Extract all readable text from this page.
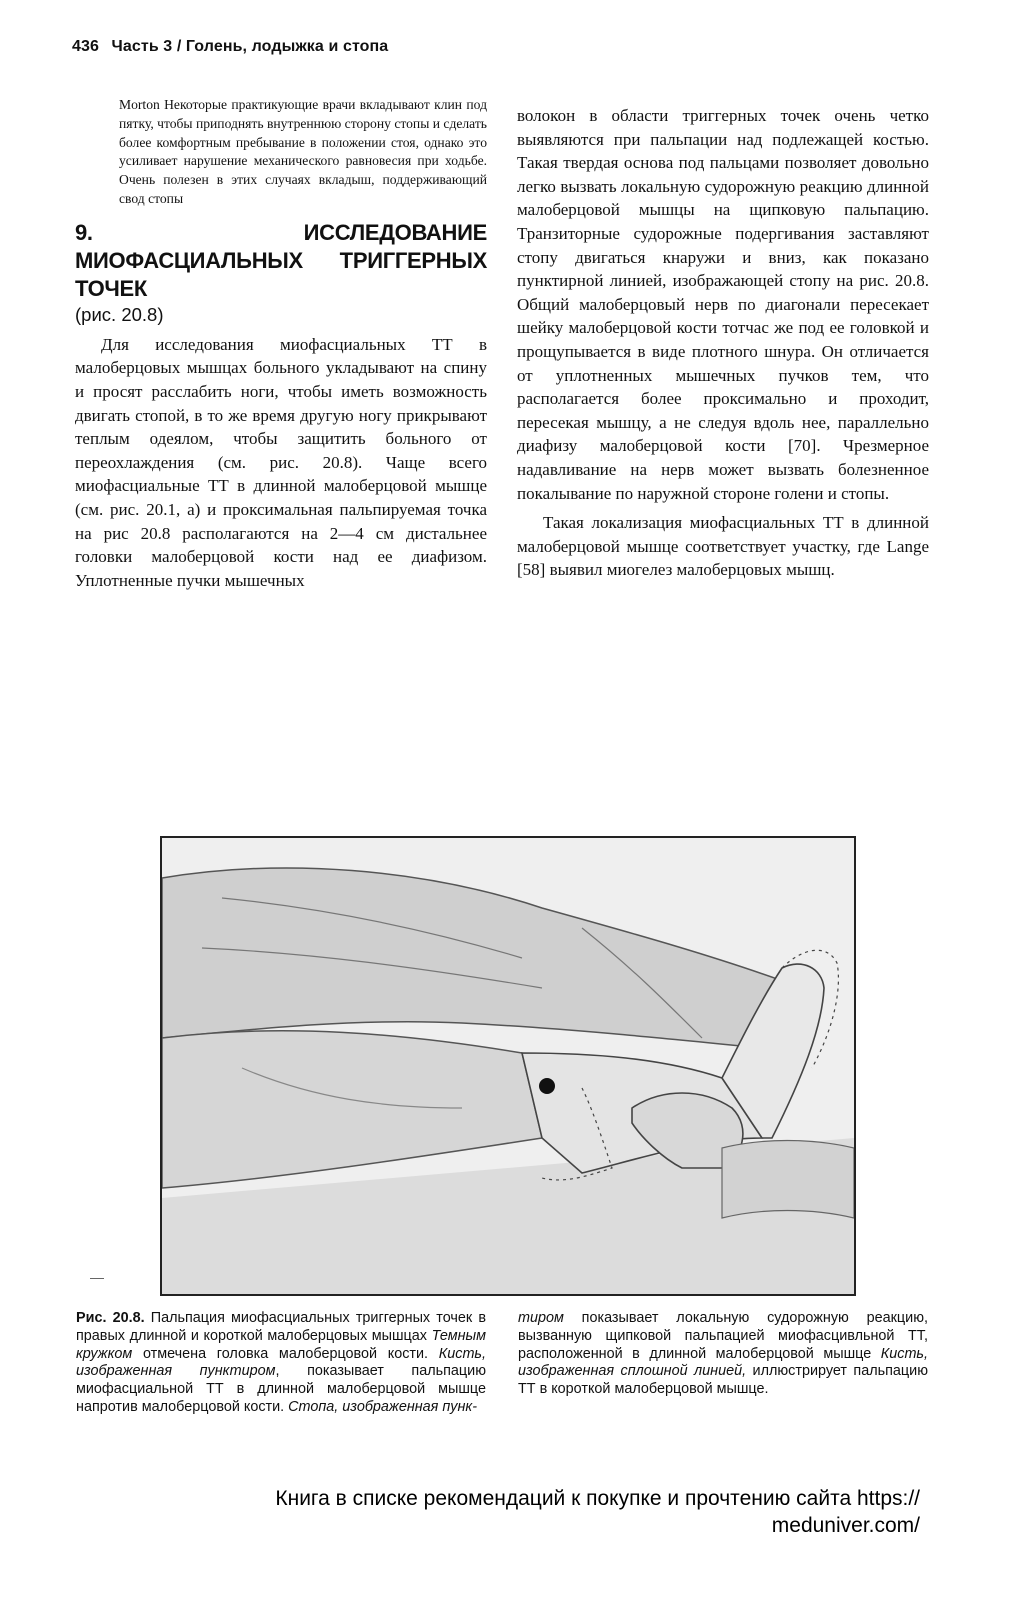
436 Часть 3 / Голень, лодыжка и стопа

Morton Некоторые практикующие врачи вкладывают клин под пятку, чтобы приподнять внутреннюю сторону стопы и сделать более комфортным пребывание в положении стоя, однако это усиливает нарушение механического равновесия при ходьбе. Очень полезен в этих случаях вкладыш, поддерживающий свод стопы

9. ИССЛЕДОВАНИЕ МИОФАСЦИАЛЬНЫХ ТРИГГЕРНЫХ ТОЧЕК
(рис. 20.8)

Для исследования миофасциальных ТТ в малоберцовых мышцах больного укладывают на спину и просят расслабить ноги, чтобы иметь возможность двигать стопой, в то же время другую ногу прикрывают теплым одеялом, чтобы защитить больного от переохлаждения (см. рис. 20.8). Чаще всего миофасциальные ТТ в длинной малоберцовой мышце (см. рис. 20.1, а) и проксимальная пальпируемая точка на рис 20.8 располагаются на 2—4 см дистальнее головки малоберцовой кости над ее диафизом. Уплотненные пучки мышечных

волокон в области триггерных точек очень четко выявляются при пальпации над подлежащей костью. Такая твердая основа под пальцами позволяет довольно легко вызвать локальную судорожную реакцию длинной малоберцовой мышцы на щипковую пальпацию. Транзиторные судорожные подергивания заставляют стопу двигаться кнаружи и вниз, как показано пунктирной линией, изображающей стопу на рис. 20.8. Общий малоберцовый нерв по диагонали пересекает шейку малоберцовой кости тотчас же под ее головкой и прощупывается в виде плотного шнура. Он отличается от уплотненных мышечных пучков тем, что располагается более проксимально и проходит, пересекая мышцу, а не следуя вдоль нее, параллельно диафизу малоберцовой кости [70]. Чрезмерное надавливание на нерв может вызвать болезненное покалывание по наружной стороне голени и стопы.

Такая локализация миофасциальных ТТ в длинной малоберцовой мышце соответствует участку, где Lange [58] выявил миогелез малоберцовых мышц.

Рис. 20.8. Пальпация миофасциальных триггерных точек в правых длинной и короткой малоберцовых мышцах Темным кружком отмечена головка малоберцовой кости. Кисть, изображенная пунктиром, показывает пальпацию миофасциальной ТТ в длинной малоберцовой мышце напротив малоберцовой кости. Стопа, изображенная пунк-
тиром показывает локальную судорожную реакцию, вызванную щипковой пальпацией миофасцивльной ТТ, расположенной в длинной малоберцовой мышце Кисть, изображенная сплошной линией, иллюстрирует пальпацию ТТ в короткой малоберцовой мышце.
Книга в списке рекомендаций к покупке и прочтению сайта https://
meduniver.com/
